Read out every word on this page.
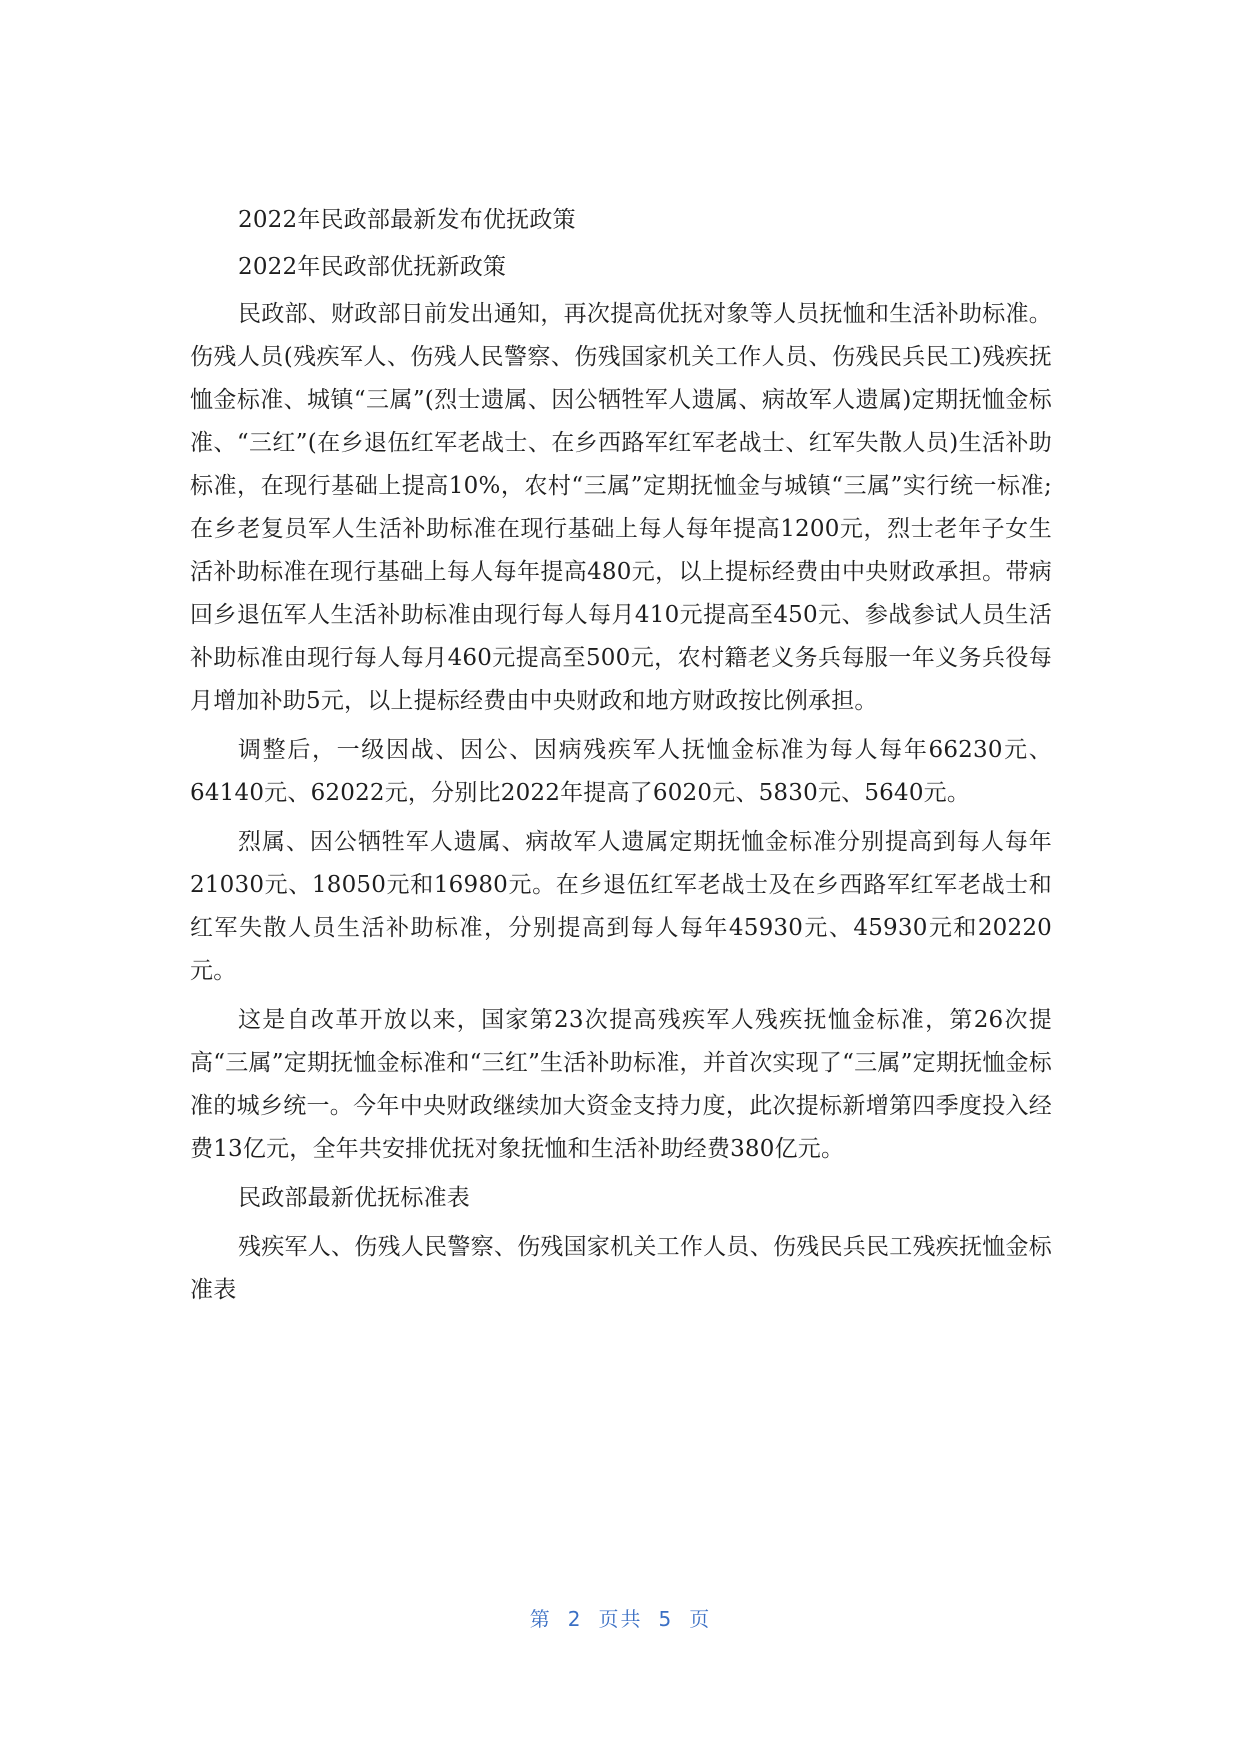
2022年民政部最新发布优抚政策

2022年民政部优抚新政策

民政部、财政部日前发出通知，再次提高优抚对象等人员抚恤和生活补助标准。伤残人员(残疾军人、伤残人民警察、伤残国家机关工作人员、伤残民兵民工)残疾抚恤金标准、城镇“三属”(烈士遗属、因公牺牲军人遗属、病故军人遗属)定期抚恤金标准、“三红”(在乡退伍红军老战士、在乡西路军红军老战士、红军失散人员)生活补助标准，在现行基础上提高10%，农村“三属”定期抚恤金与城镇“三属”实行统一标准;在乡老复员军人生活补助标准在现行基础上每人每年提高1200元，烈士老年子女生活补助标准在现行基础上每人每年提高480元，以上提标经费由中央财政承担。带病回乡退伍军人生活补助标准由现行每人每月410元提高至450元、参战参试人员生活补助标准由现行每人每月460元提高至500元，农村籍老义务兵每服一年义务兵役每月增加补助5元，以上提标经费由中央财政和地方财政按比例承担。

调整后，一级因战、因公、因病残疾军人抚恤金标准为每人每年66230元、64140元、62022元，分别比2022年提高了6020元、5830元、5640元。

烈属、因公牺牲军人遗属、病故军人遗属定期抚恤金标准分别提高到每人每年21030元、18050元和16980元。在乡退伍红军老战士及在乡西路军红军老战士和红军失散人员生活补助标准，分别提高到每人每年45930元、45930元和20220元。

这是自改革开放以来，国家第23次提高残疾军人残疾抚恤金标准，第26次提高“三属”定期抚恤金标准和“三红”生活补助标准，并首次实现了“三属”定期抚恤金标准的城乡统一。今年中央财政继续加大资金支持力度，此次提标新增第四季度投入经费13亿元，全年共安排优抚对象抚恤和生活补助经费380亿元。

民政部最新优抚标准表

残疾军人、伤残人民警察、伤残国家机关工作人员、伤残民兵民工残疾抚恤金标准表

第 2 页共 5 页
